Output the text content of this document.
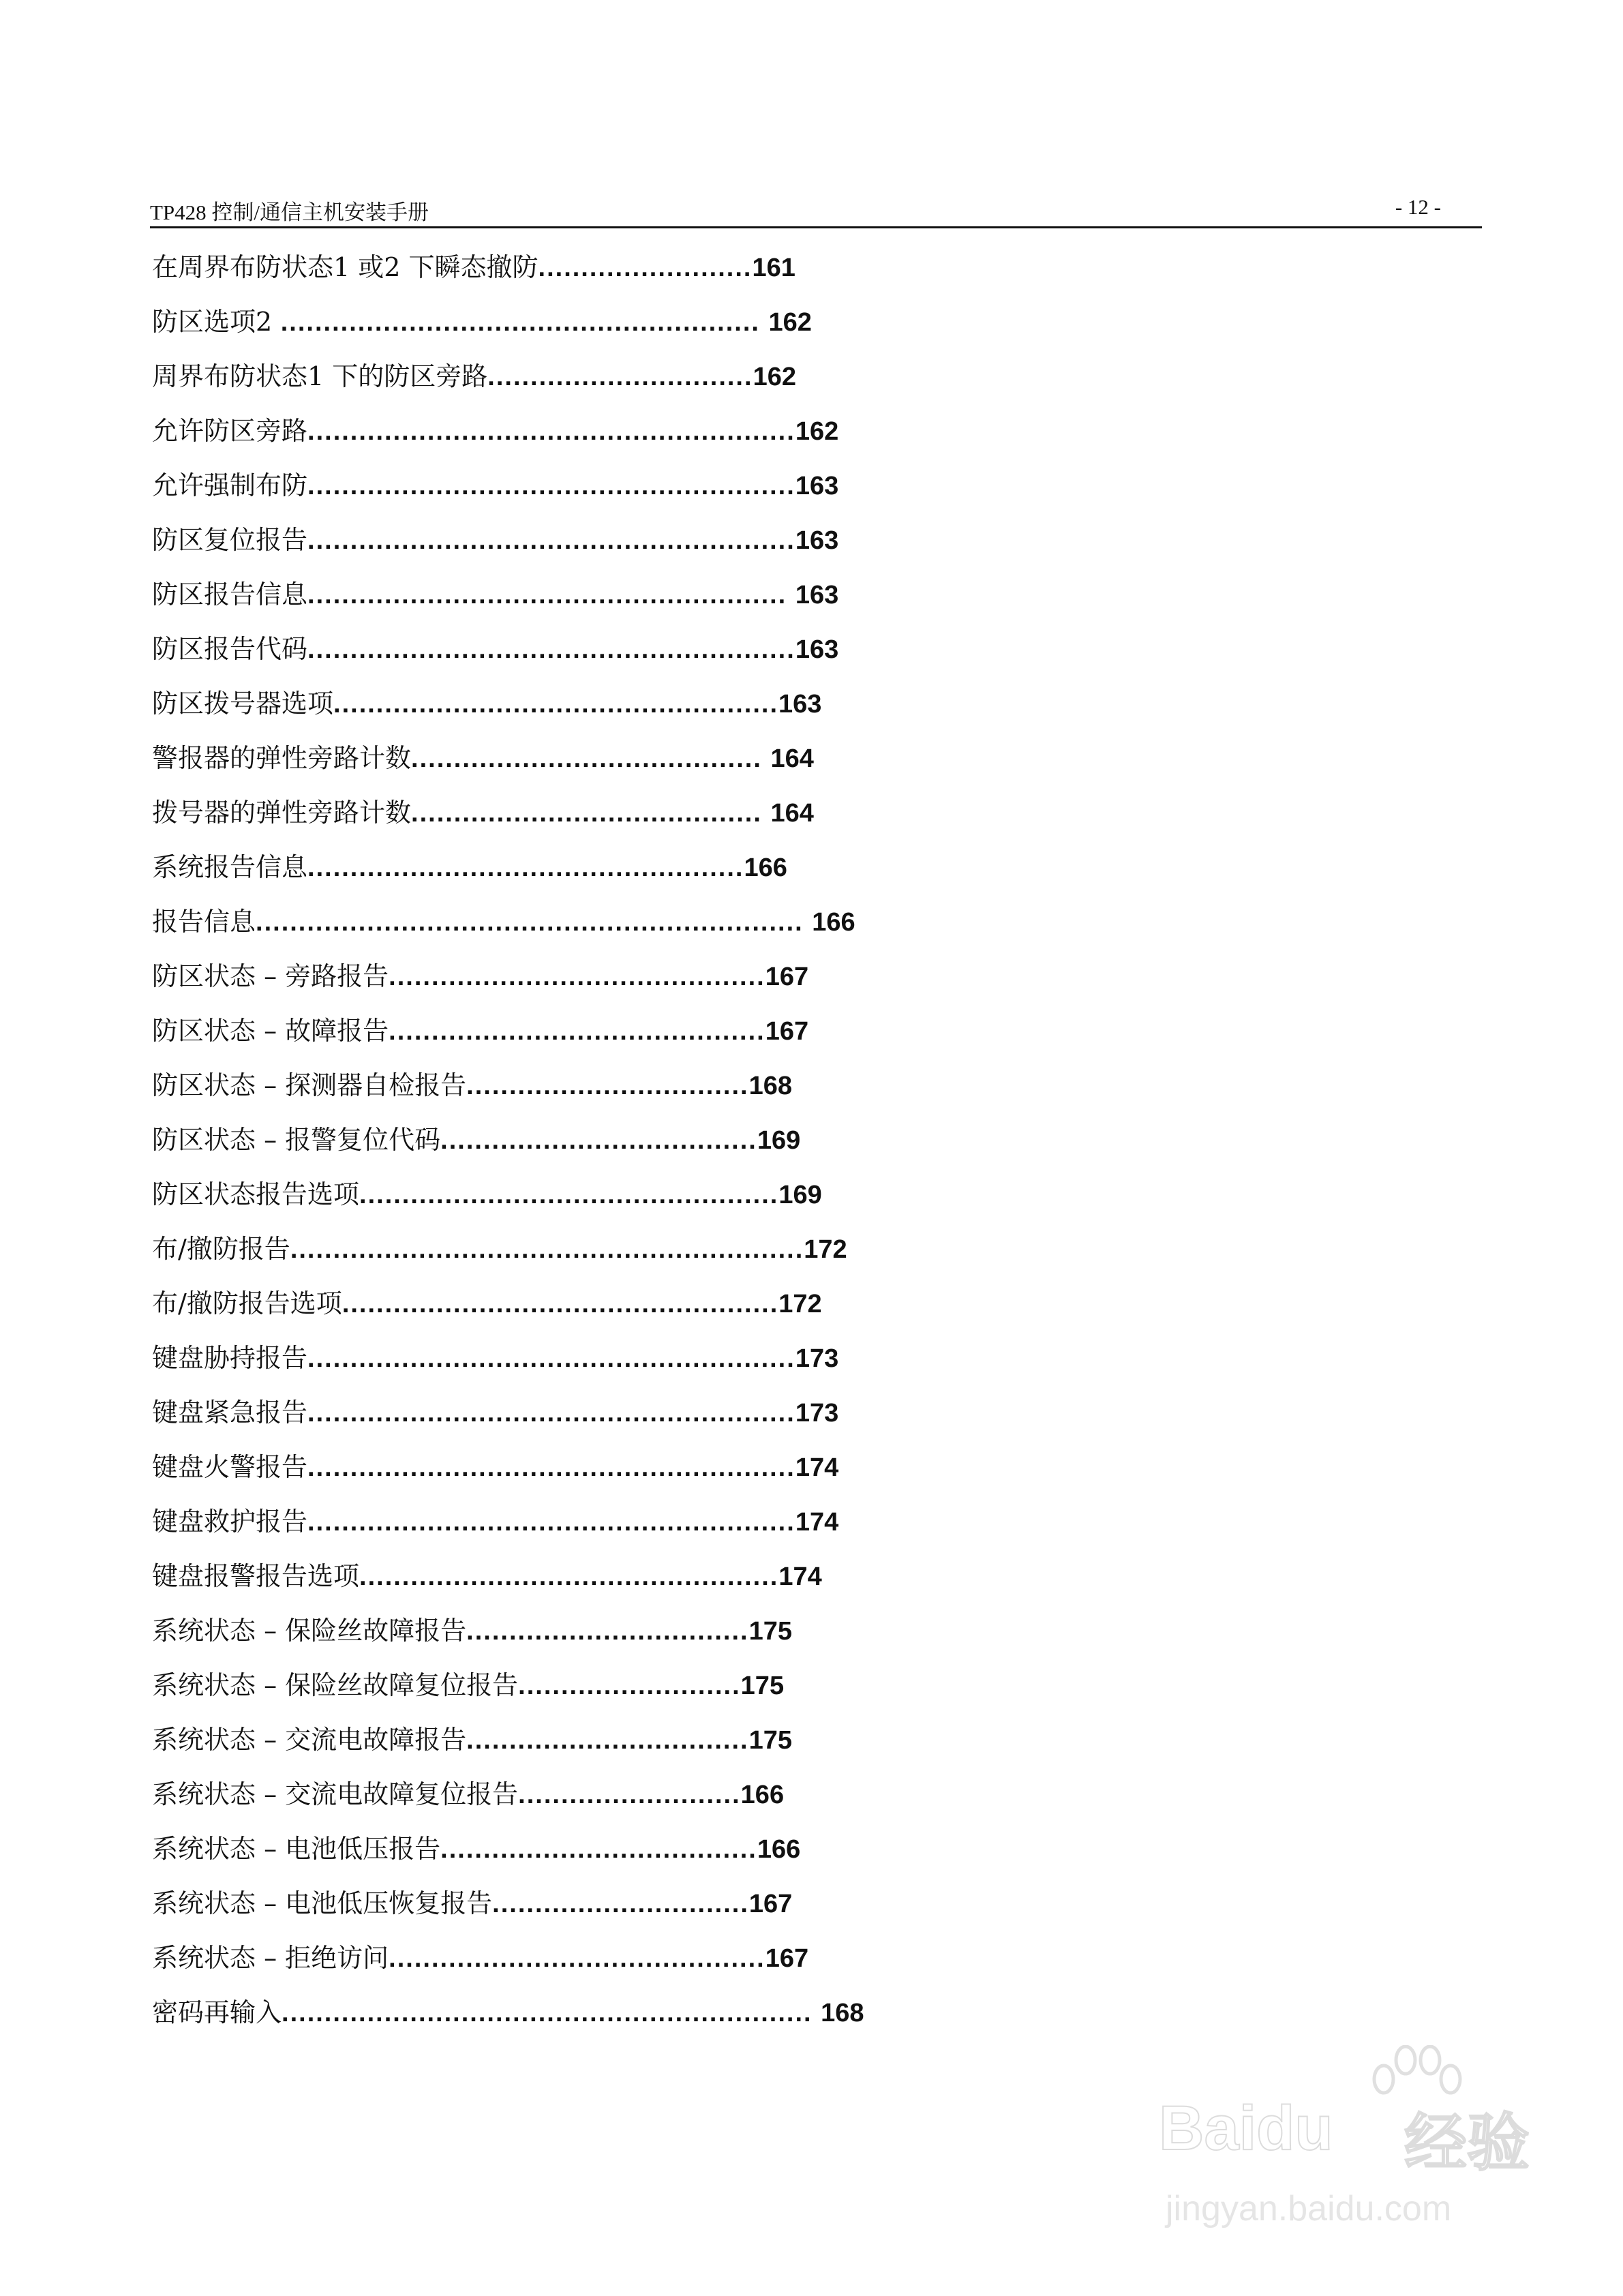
TP428 控制/通信主机安装手册	- 12 -
在周界布防状态1 或2 下瞬态撤防.........................161
防区选项2 ........................................................ 162
周界布防状态1 下的防区旁路...............................162
允许防区旁路.........................................................162
允许强制布防.........................................................163
防区复位报告.........................................................163
防区报告信息........................................................ 163
防区报告代码.........................................................163
防区拨号器选项....................................................163
警报器的弹性旁路计数......................................... 164
拨号器的弹性旁路计数......................................... 164
系统报告信息...................................................166
报告信息................................................................ 166
防区状态 – 旁路报告............................................167
防区状态 – 故障报告............................................167
防区状态 – 探测器自检报告.................................168
防区状态 – 报警复位代码.....................................169
防区状态报告选项.................................................169
布/撤防报告............................................................172
布/撤防报告选项...................................................172
键盘胁持报告.........................................................173
键盘紧急报告.........................................................173
键盘火警报告.........................................................174
键盘救护报告.........................................................174
键盘报警报告选项.................................................174
系统状态 – 保险丝故障报告.................................175
系统状态 – 保险丝故障复位报告..........................175
系统状态 – 交流电故障报告.................................175
系统状态 – 交流电故障复位报告..........................166
系统状态 – 电池低压报告.....................................166
系统状态 – 电池低压恢复报告..............................167
系统状态 – 拒绝访问............................................167
密码再输入.............................................................. 168
Baidu 经验
jingyan.baidu.com
